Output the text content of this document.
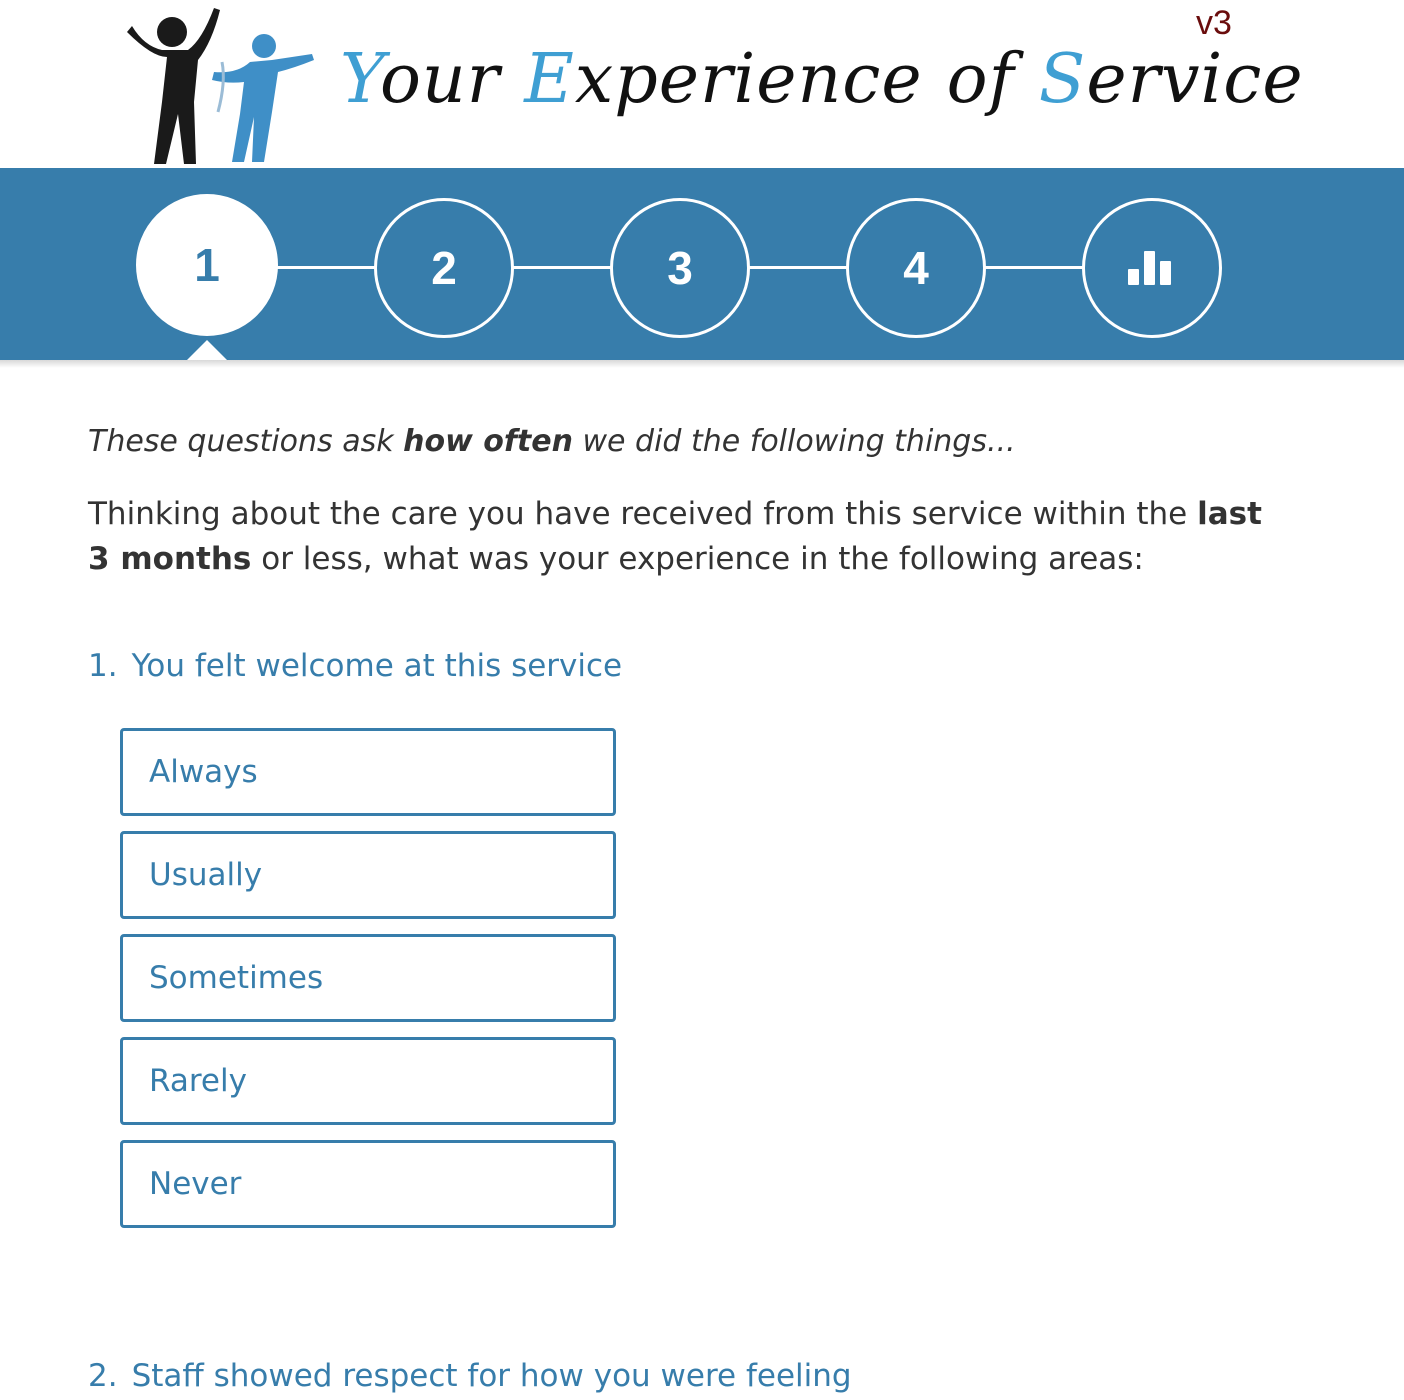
Your Experience of Service
v3
1	2	3	4
These questions ask how often we did the following things...
Thinking about the care you have received from this service within the last 3 months or less, what was your experience in the following areas:
1. You felt welcome at this service
Always
Usually
Sometimes
Rarely
Never
2. Staff showed respect for how you were feeling
